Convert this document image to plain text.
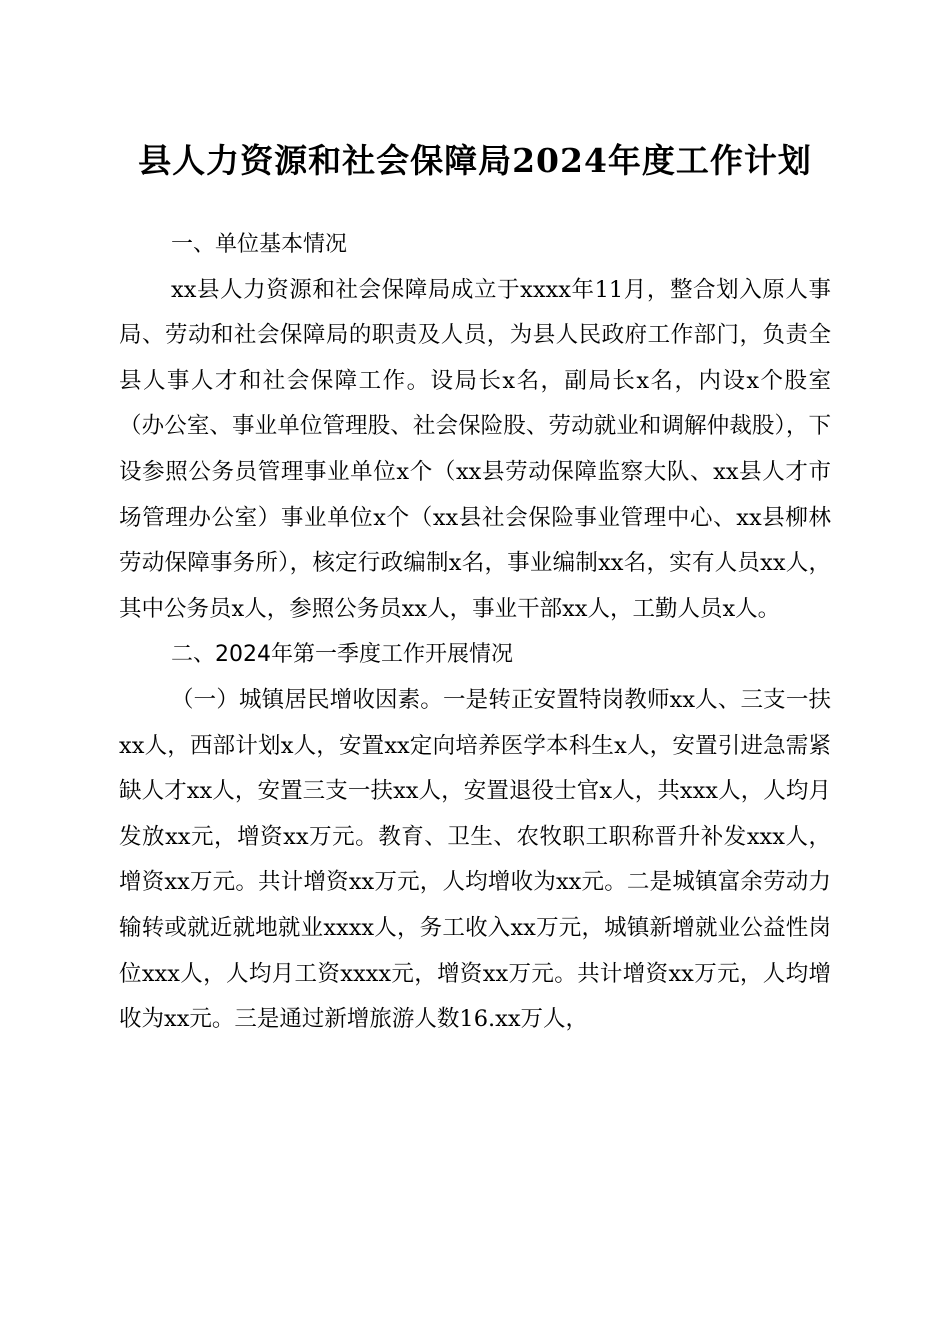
县人力资源和社会保障局2024年度工作计划
一、单位基本情况

xx县人力资源和社会保障局成立于xxxx年11月，整合划入原人事局、劳动和社会保障局的职责及人员，为县人民政府工作部门，负责全县人事人才和社会保障工作。设局长x名，副局长x名，内设x个股室（办公室、事业单位管理股、社会保险股、劳动就业和调解仲裁股），下设参照公务员管理事业单位x个（xx县劳动保障监察大队、xx县人才市场管理办公室）事业单位x个（xx县社会保险事业管理中心、xx县柳林劳动保障事务所），核定行政编制x名，事业编制xx名，实有人员xx人，其中公务员x人，参照公务员xx人，事业干部xx人，工勤人员x人。

二、2024年第一季度工作开展情况

（一）城镇居民增收因素。一是转正安置特岗教师xx人、三支一扶xx人，西部计划x人，安置xx定向培养医学本科生x人，安置引进急需紧缺人才xx人，安置三支一扶xx人，安置退役士官x人，共xxx人，人均月发放xx元，增资xx万元。教育、卫生、农牧职工职称晋升补发xxx人，增资xx万元。共计增资xx万元，人均增收为xx元。二是城镇富余劳动力输转或就近就地就业xxxx人，务工收入xx万元，城镇新增就业公益性岗位xxx人，人均月工资xxxx元，增资xx万元。共计增资xx万元，人均增收为xx元。三是通过新增旅游人数16.xx万人，
